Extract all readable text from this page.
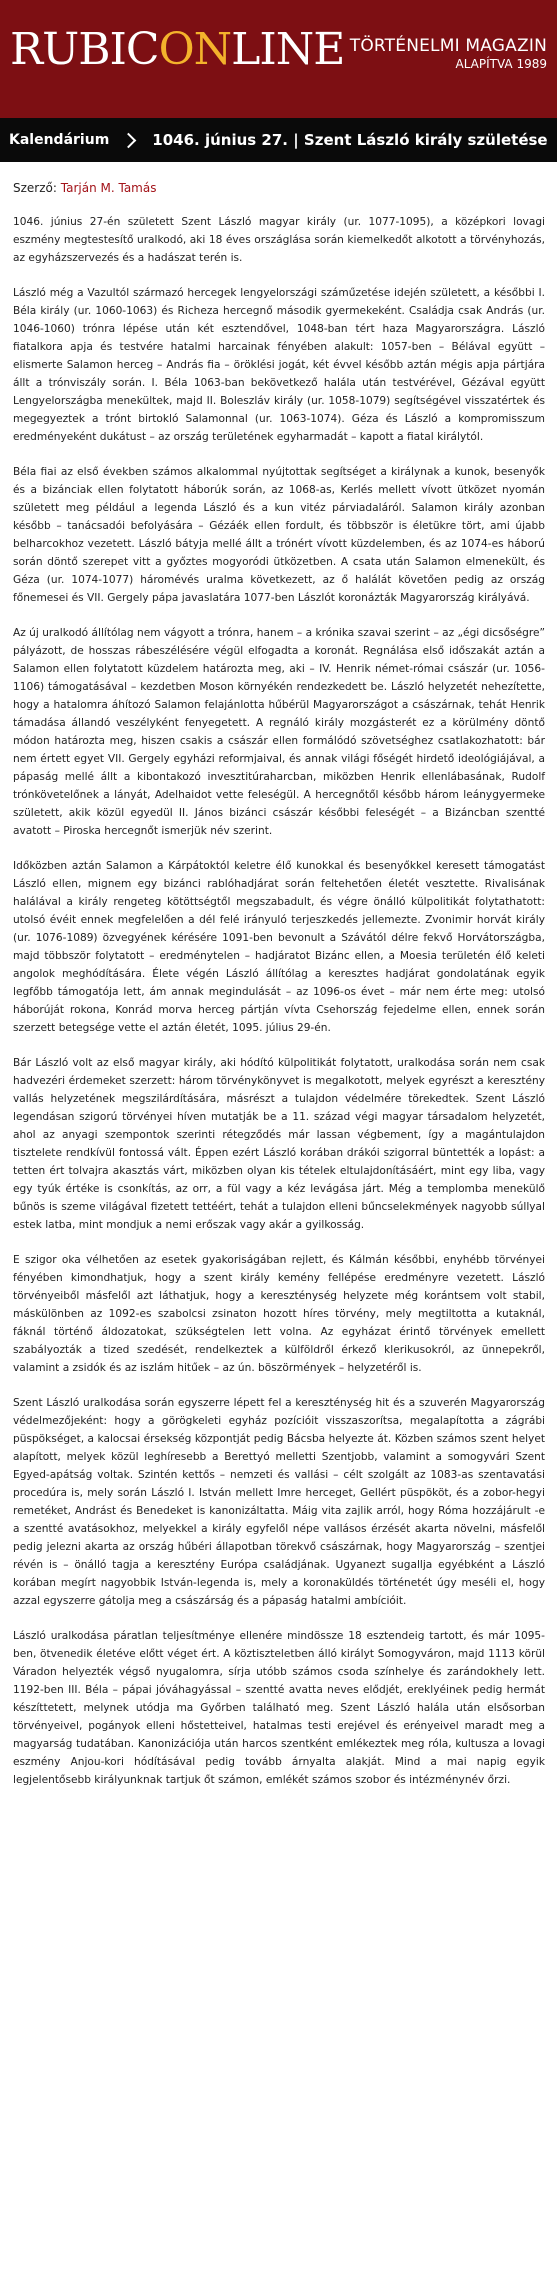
RUBICONLINE TÖRTÉNELMI MAGAZIN
ALAPÍTVA 1989
Kalendárium	1046. június 27. | Szent László király születése
Szerző: Tarján M. Tamás

1046. június 27-én született Szent László magyar király (ur. 1077-1095), a középkori lovagi eszmény megtestesítő uralkodó, aki 18 éves országlása során kiemelkedőt alkotott a törvényhozás, az egyházszervezés és a hadászat terén is.

László még a Vazultól származó hercegek lengyelországi száműzetése idején született, a későbbi I. Béla király (ur. 1060-1063) és Richeza hercegnő második gyermekeként. Családja csak András (ur. 1046-1060) trónra lépése után két esztendővel, 1048-ban tért haza Magyarországra. László fiatalkora apja és testvére hatalmi harcainak fényében alakult: 1057-ben – Bélával együtt – elismerte Salamon herceg – András fia – öröklési jogát, két évvel később aztán mégis apja pártjára állt a trónviszály során. I. Béla 1063-ban bekövetkező halála után testvérével, Gézával együtt Lengyelországba menekültek, majd II. Boleszláv király (ur. 1058-1079) segítségével visszatértek és megegyeztek a trónt birtokló Salamonnal (ur. 1063-1074). Géza és László a kompromisszum eredményeként dukátust – az ország területének egyharmadát – kapott a fiatal királytól.

Béla fiai az első években számos alkalommal nyújtottak segítséget a királynak a kunok, besenyők és a bizánciak ellen folytatott háborúk során, az 1068-as, Kerlés mellett vívott ütközet nyomán született meg például a legenda László és a kun vitéz párviadaláról. Salamon király azonban később – tanácsadói befolyására – Gézáék ellen fordult, és többször is életükre tört, ami újabb belharcokhoz vezetett. László bátyja mellé állt a trónért vívott küzdelemben, és az 1074-es háború során döntő szerepet vitt a győztes mogyoródi ütközetben. A csata után Salamon elmenekült, és Géza (ur. 1074-1077) háromévés uralma következett, az ő halálát követően pedig az ország főnemesei és VII. Gergely pápa javaslatára 1077-ben Lászlót koronázták Magyarország királyává.

Az új uralkodó állítólag nem vágyott a trónra, hanem – a krónika szavai szerint – az „égi dicsőségre” pályázott, de hosszas rábeszélésére végül elfogadta a koronát. Regnálása első időszakát aztán a Salamon ellen folytatott küzdelem határozta meg, aki – IV. Henrik német-római császár (ur. 1056-1106) támogatásával – kezdetben Moson környékén rendezkedett be. László helyzetét nehezítette, hogy a hatalomra áhítozó Salamon felajánlotta hűbérül Magyarországot a császárnak, tehát Henrik támadása állandó veszélyként fenyegetett. A regnáló király mozgásterét ez a körülmény döntő módon határozta meg, hiszen csakis a császár ellen formálódó szövetséghez csatlakozhatott: bár nem értett egyet VII. Gergely egyházi reformjaival, és annak világi főségét hirdető ideológiájával, a pápaság mellé állt a kibontakozó invesztitúraharcban, miközben Henrik ellenlábasának, Rudolf trónkövetelőnek a lányát, Adelhaidot vette feleségül. A hercegnőtől később három leánygyermeke született, akik közül egyedül II. János bizánci császár későbbi feleségét – a Bizáncban szentté avatott – Piroska hercegnőt ismerjük név szerint.

Időközben aztán Salamon a Kárpátoktól keletre élő kunokkal és besenyőkkel keresett támogatást László ellen, mignem egy bizánci rablóhadjárat során feltehetően életét vesztette. Rivalisának halálával a király rengeteg kötöttségtől megszabadult, és végre önálló külpolitikát folytathatott: utolsó évéit ennek megfelelően a dél felé irányuló terjeszkedés jellemezte. Zvonimir horvát király (ur. 1076-1089) özvegyének kérésére 1091-ben bevonult a Szávától délre fekvő Horvátországba, majd többször folytatott – eredménytelen – hadjáratot Bizánc ellen, a Moesia területén élő keleti angolok meghódítására. Élete végén László állítólag a keresztes hadjárat gondolatának egyik legfőbb támogatója lett, ám annak megindulását – az 1096-os évet – már nem érte meg: utolsó háborúját rokona, Konrád morva herceg pártján vívta Csehország fejedelme ellen, ennek során szerzett betegsége vette el aztán életét, 1095. július 29-én.

Bár László volt az első magyar király, aki hódító külpolitikát folytatott, uralkodása során nem csak hadvezéri érdemeket szerzett: három törvénykönyvet is megalkotott, melyek egyrészt a keresztény vallás helyzetének megszilárdítására, másrészt a tulajdon védelmére törekedtek. Szent László legendásan szigorú törvényei híven mutatják be a 11. század végi magyar társadalom helyzetét, ahol az anyagi szempontok szerinti rétegződés már lassan végbement, így a magántulajdon tisztelete rendkívül fontossá vált. Éppen ezért László korában drákói szigorral büntették a lopást: a tetten ért tolvajra akasztás várt, miközben olyan kis tételek eltulajdonításáért, mint egy liba, vagy egy tyúk értéke is csonkítás, az orr, a fül vagy a kéz levágása járt. Még a templomba menekülő bűnös is szeme világával fizetett tettéért, tehát a tulajdon elleni bűncselekmények nagyobb súllyal estek latba, mint mondjuk a nemi erőszak vagy akár a gyilkosság.

E szigor oka vélhetően az esetek gyakoriságában rejlett, és Kálmán későbbi, enyhébb törvényei fényében kimondhatjuk, hogy a szent király kemény fellépése eredményre vezetett. László törvényeiből másfelől azt láthatjuk, hogy a kereszténység helyzete még korántsem volt stabil, máskülönben az 1092-es szabolcsi zsinaton hozott híres törvény, mely megtiltotta a kutaknál, fáknál történő áldozatokat, szükségtelen lett volna. Az egyházat érintő törvények emellett szabályozták a tized szedését, rendelkeztek a külföldről érkező klerikusokról, az ünnepekről, valamint a zsidók és az iszlám hitűek – az ún. böszörmények – helyzetéről is.

Szent László uralkodása során egyszerre lépett fel a kereszténység hit és a szuverén Magyarország védelmezőjeként: hogy a görögkeleti egyház pozícióit visszaszorítsa, megalapította a zágrábi püspökséget, a kalocsai érsekség központját pedig Bácsba helyezte át. Közben számos szent helyet alapított, melyek közül leghíresebb a Berettyó melletti Szentjobb, valamint a somogyvári Szent Egyed-apátság voltak. Szintén kettős – nemzeti és vallási – célt szolgált az 1083-as szentavatási procedúra is, mely során László I. István mellett Imre herceget, Gellért püspököt, és a zobor-hegyi remetéket, Andrást és Benedeket is kanonizáltatta. Máig vita zajlik arról, hogy Róma hozzájárult -e a szentté avatásokhoz, melyekkel a király egyfelől népe vallásos érzését akarta növelni, másfelől pedig jelezni akarta az ország hűbéri állapotban törekvő császárnak, hogy Magyarország – szentjei révén is – önálló tagja a keresztény Európa családjának. Ugyanezt sugallja egyébként a László korában megírt nagyobbik István-legenda is, mely a koronaküldés történetét úgy meséli el, hogy azzal egyszerre gátolja meg a császárság és a pápaság hatalmi ambícióit.

László uralkodása páratlan teljesítménye ellenére mindössze 18 esztendeig tartott, és már 1095-ben, ötvenedik életéve előtt véget ért. A köztiszteletben álló királyt Somogyváron, majd 1113 körül Váradon helyezték végső nyugalomra, sírja utóbb számos csoda színhelye és zarándokhely lett. 1192-ben III. Béla – pápai jóváhagyással – szentté avatta neves elődjét, ereklyéinek pedig hermát készíttetett, melynek utódja ma Győrben található meg. Szent László halála után elsősorban törvényeivel, pogányok elleni hőstetteivel, hatalmas testi erejével és erényeivel maradt meg a magyarság tudatában. Kanonizációja után harcos szentként emlékeztek meg róla, kultusza a lovagi eszmény Anjou-kori hódításával pedig tovább árnyalta alakját. Mind a mai napig egyik legjelentősebb királyunknak tartjuk őt számon, emlékét számos szobor és intézménynév őrzi.
